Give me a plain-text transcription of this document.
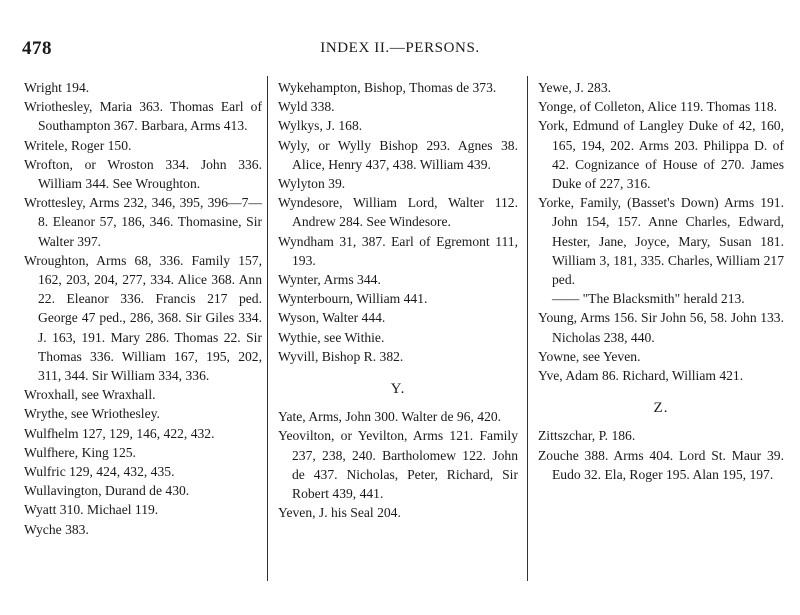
478	INDEX II.—PERSONS.

Wright 194.

Wriothesley, Maria 363. Thomas Earl of Southampton 367. Barbara, Arms 413.

Writele, Roger 150.

Wrofton, or Wroston 334. John 336. William 344. See Wroughton.

Wrottesley, Arms 232, 346, 395, 396—7—8. Eleanor 57, 186, 346. Thomasine, Sir Walter 397.

Wroughton, Arms 68, 336. Family 157, 162, 203, 204, 277, 334. Alice 368. Ann 22. Eleanor 336. Francis 217 ped. George 47 ped., 286, 368. Sir Giles 334. J. 163, 191. Mary 286. Thomas 22. Sir Thomas 336. William 167, 195, 202, 311, 344. Sir William 334, 336.

Wroxhall, see Wraxhall.

Wrythe, see Wriothesley.

Wulfhelm 127, 129, 146, 422, 432.

Wulfhere, King 125.

Wulfric 129, 424, 432, 435.

Wullavington, Durand de 430.

Wyatt 310. Michael 119.

Wyche 383.

Wykehampton, Bishop, Thomas de 373.

Wyld 338.

Wylkys, J. 168.

Wyly, or Wylly Bishop 293. Agnes 38. Alice, Henry 437, 438. William 439.

Wylyton 39.

Wyndesore, William Lord, Walter 112. Andrew 284. See Windesore.

Wyndham 31, 387. Earl of Egremont 111, 193.

Wynter, Arms 344.

Wynterbourn, William 441.

Wyson, Walter 444.

Wythie, see Withie.

Wyvill, Bishop R. 382.

Y.

Yate, Arms, John 300. Walter de 96, 420.

Yeovilton, or Yevilton, Arms 121. Family 237, 238, 240. Bartholomew 122. John de 437. Nicholas, Peter, Richard, Sir Robert 439, 441.

Yeven, J. his Seal 204.

Yewe, J. 283.

Yonge, of Colleton, Alice 119. Thomas 118.

York, Edmund of Langley Duke of 42, 160, 165, 194, 202. Arms 203. Philippa D. of 42. Cognizance of House of 270. James Duke of 227, 316.

Yorke, Family, (Basset's Down) Arms 191. John 154, 157. Anne Charles, Edward, Hester, Jane, Joyce, Mary, Susan 181. William 3, 181, 335. Charles, William 217 ped.

—— "The Blacksmith" herald 213.

Young, Arms 156. Sir John 56, 58. John 133. Nicholas 238, 440.

Yowne, see Yeven.

Yve, Adam 86. Richard, William 421.

Z.

Zittszchar, P. 186.

Zouche 388. Arms 404. Lord St. Maur 39. Eudo 32. Ela, Roger 195. Alan 195, 197.
